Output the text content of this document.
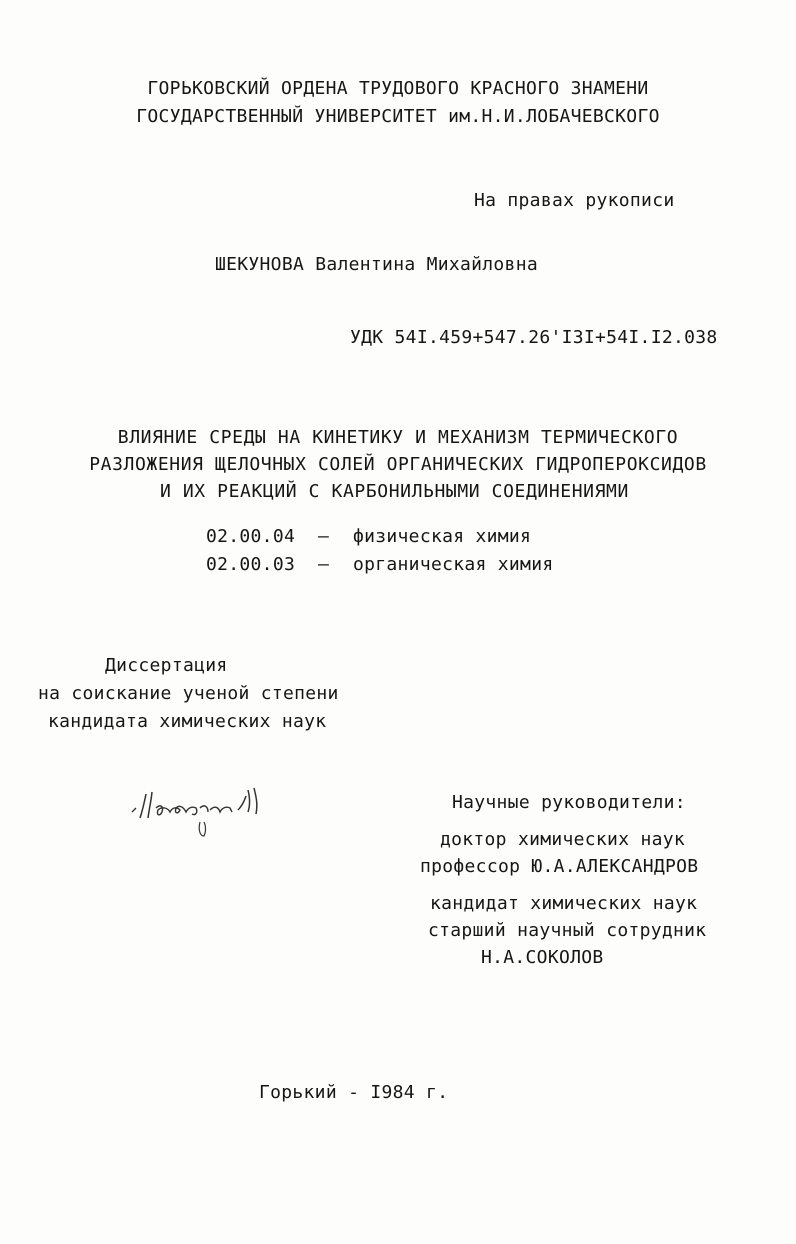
ГОРЬКОВСКИЙ ОРДЕНА ТРУДОВОГО КРАСНОГО ЗНАМЕНИ
ГОСУДАРСТВЕННЫЙ УНИВЕРСИТЕТ им.Н.И.ЛОБАЧЕВСКОГО
На правах рукописи
ШЕКУНОВА Валентина Михайловна
УДК 54I.459+547.26'I3I+54I.I2.038
ВЛИЯНИЕ СРЕДЫ НА КИНЕТИКУ И МЕХАНИЗМ ТЕРМИЧЕСКОГО
РАЗЛОЖЕНИЯ ЩЕЛОЧНЫХ СОЛЕЙ ОРГАНИЧЕСКИХ ГИДРОПЕРОКСИДОВ
И ИХ РЕАКЦИЙ С КАРБОНИЛЬНЫМИ СОЕДИНЕНИЯМИ
02.00.04 – физическая химия
02.00.03 – органическая химия
Диссертация
на соискание ученой степени
кандидата химических наук
Научные руководители:
доктор химических наук
профессор Ю.А.АЛЕКСАНДРОВ
кандидат химических наук
старший научный сотрудник
Н.А.СОКОЛОВ
Горький - I984 г.
